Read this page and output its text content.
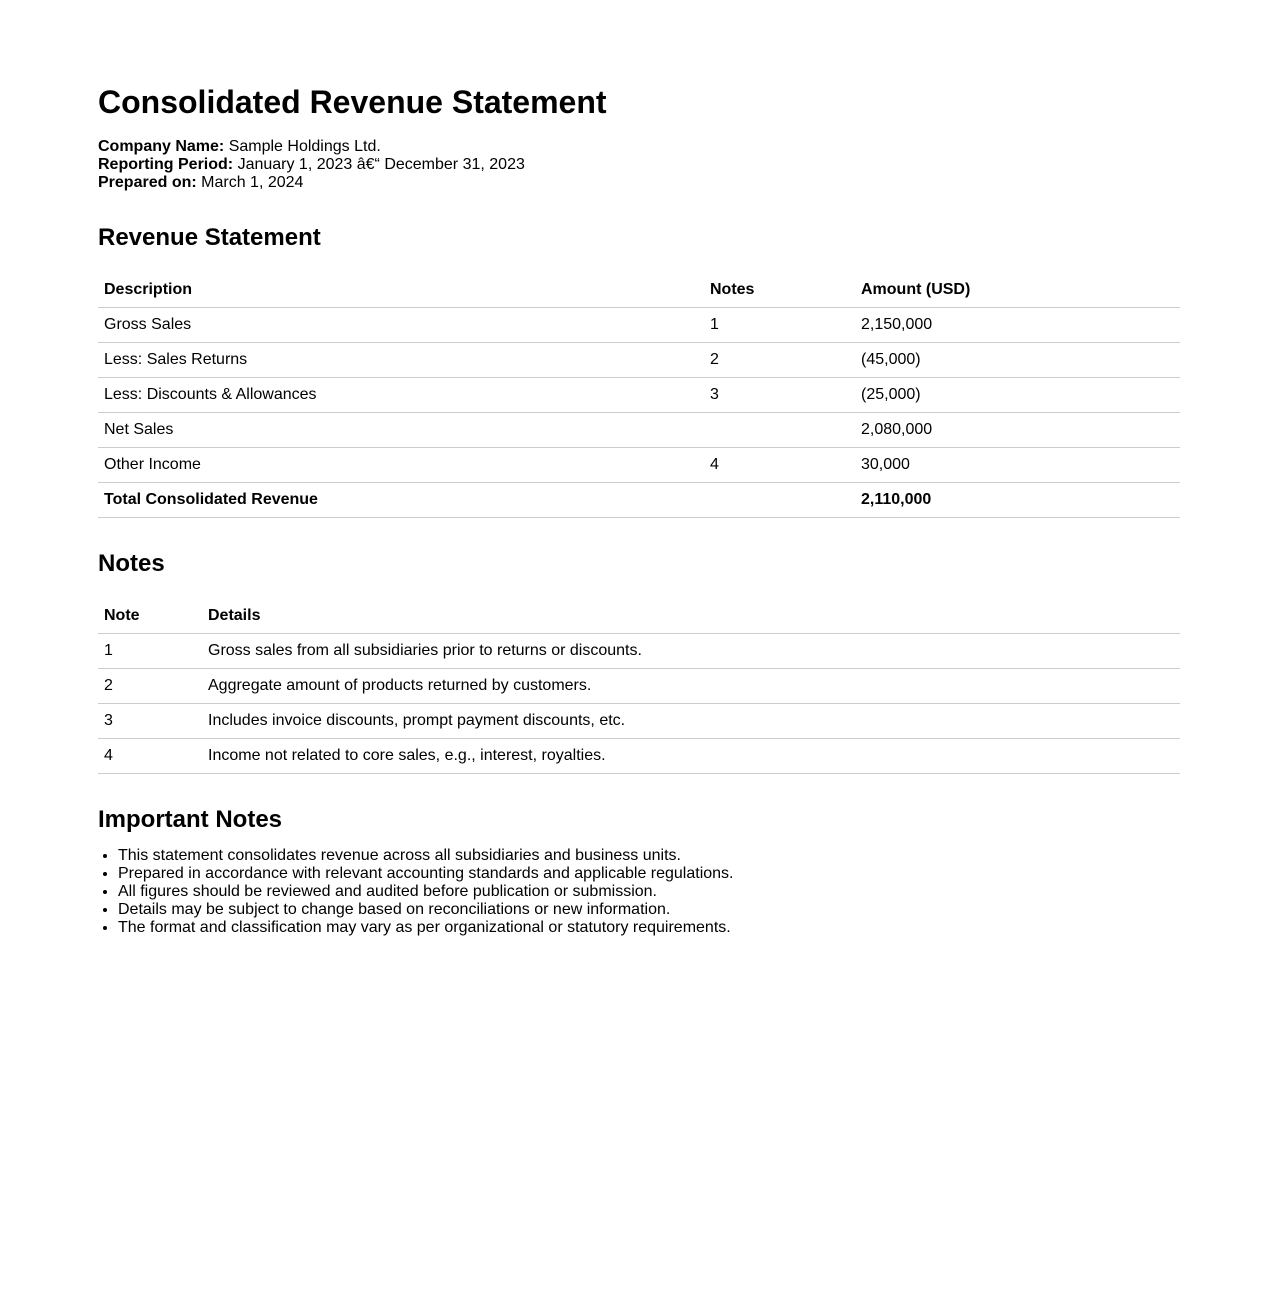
Consolidated Revenue Statement
Company Name: Sample Holdings Ltd.
Reporting Period: January 1, 2023 â€“ December 31, 2023
Prepared on: March 1, 2024
Revenue Statement
Description	Notes	Amount (USD)
Gross Sales	1	2,150,000
Less: Sales Returns	2	(45,000)
Less: Discounts & Allowances	3	(25,000)
Net Sales		2,080,000
Other Income	4	30,000
Total Consolidated Revenue		2,110,000
Notes
Note	Details
1	Gross sales from all subsidiaries prior to returns or discounts.
2	Aggregate amount of products returned by customers.
3	Includes invoice discounts, prompt payment discounts, etc.
4	Income not related to core sales, e.g., interest, royalties.
Important Notes
• This statement consolidates revenue across all subsidiaries and business units.
• Prepared in accordance with relevant accounting standards and applicable regulations.
• All figures should be reviewed and audited before publication or submission.
• Details may be subject to change based on reconciliations or new information.
• The format and classification may vary as per organizational or statutory requirements.
